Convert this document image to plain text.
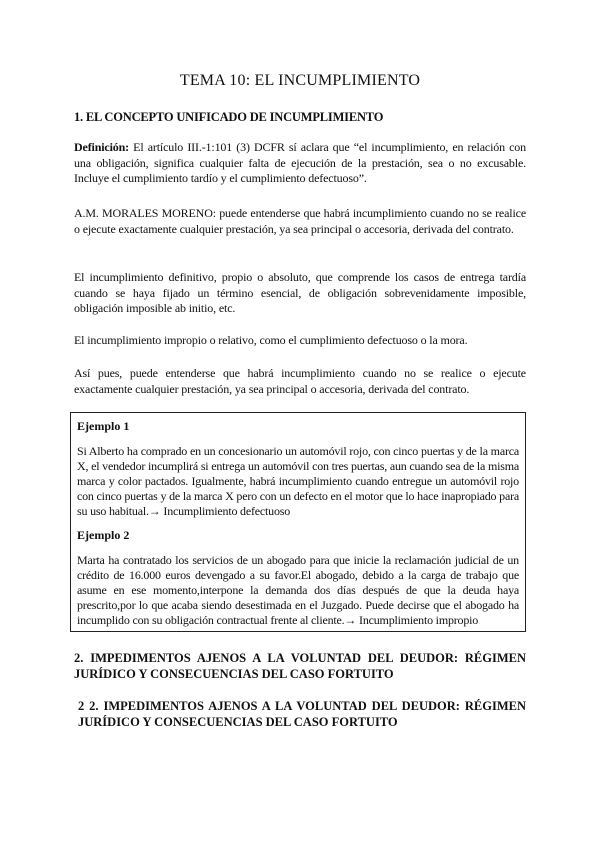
TEMA 10: EL INCUMPLIMIENTO
1. EL CONCEPTO UNIFICADO DE INCUMPLIMIENTO

Definición: El artículo III.-1:101 (3) DCFR sí aclara que “el incumplimiento, en relación con una obligación, significa cualquier falta de ejecución de la prestación, sea o no excusable. Incluye el cumplimiento tardío y el cumplimiento defectuoso”.

A.M. MORALES MORENO: puede entenderse que habrá incumplimiento cuando no se realice o ejecute exactamente cualquier prestación, ya sea principal o accesoria, derivada del contrato.

El incumplimiento definitivo, propio o absoluto, que comprende los casos de entrega tardía cuando se haya fijado un término esencial, de obligación sobrevenidamente imposible, obligación imposible ab initio, etc.

El incumplimiento impropio o relativo, como el cumplimiento defectuoso o la mora.

Así pues, puede entenderse que habrá incumplimiento cuando no se realice o ejecute exactamente cualquier prestación, ya sea principal o accesoria, derivada del contrato.

Ejemplo 1

Si Alberto ha comprado en un concesionario un automóvil rojo, con cinco puertas y de la marca X, el vendedor incumplirá si entrega un automóvil con tres puertas, aun cuando sea de la misma marca y color pactados. Igualmente, habrá incumplimiento cuando entregue un automóvil rojo con cinco puertas y de la marca X pero con un defecto en el motor que lo hace inapropiado para su uso habitual.→ Incumplimiento defectuoso

Ejemplo 2

Marta ha contratado los servicios de un abogado para que inicie la reclamación judicial de un crédito de 16.000 euros devengado a su favor.El abogado, debido a la carga de trabajo que asume en ese momento,interpone la demanda dos días después de que la deuda haya prescrito,por lo que acaba siendo desestimada en el Juzgado. Puede decirse que el abogado ha incumplido con su obligación contractual frente al cliente.→ Incumplimiento impropio

2. IMPEDIMENTOS AJENOS A LA VOLUNTAD DEL DEUDOR: RÉGIMEN JURÍDICO Y CONSECUENCIAS DEL CASO FORTUITO
2 2. IMPEDIMENTOS AJENOS A LA VOLUNTAD DEL DEUDOR: RÉGIMEN JURÍDICO Y CONSECUENCIAS DEL CASO FORTUITO
